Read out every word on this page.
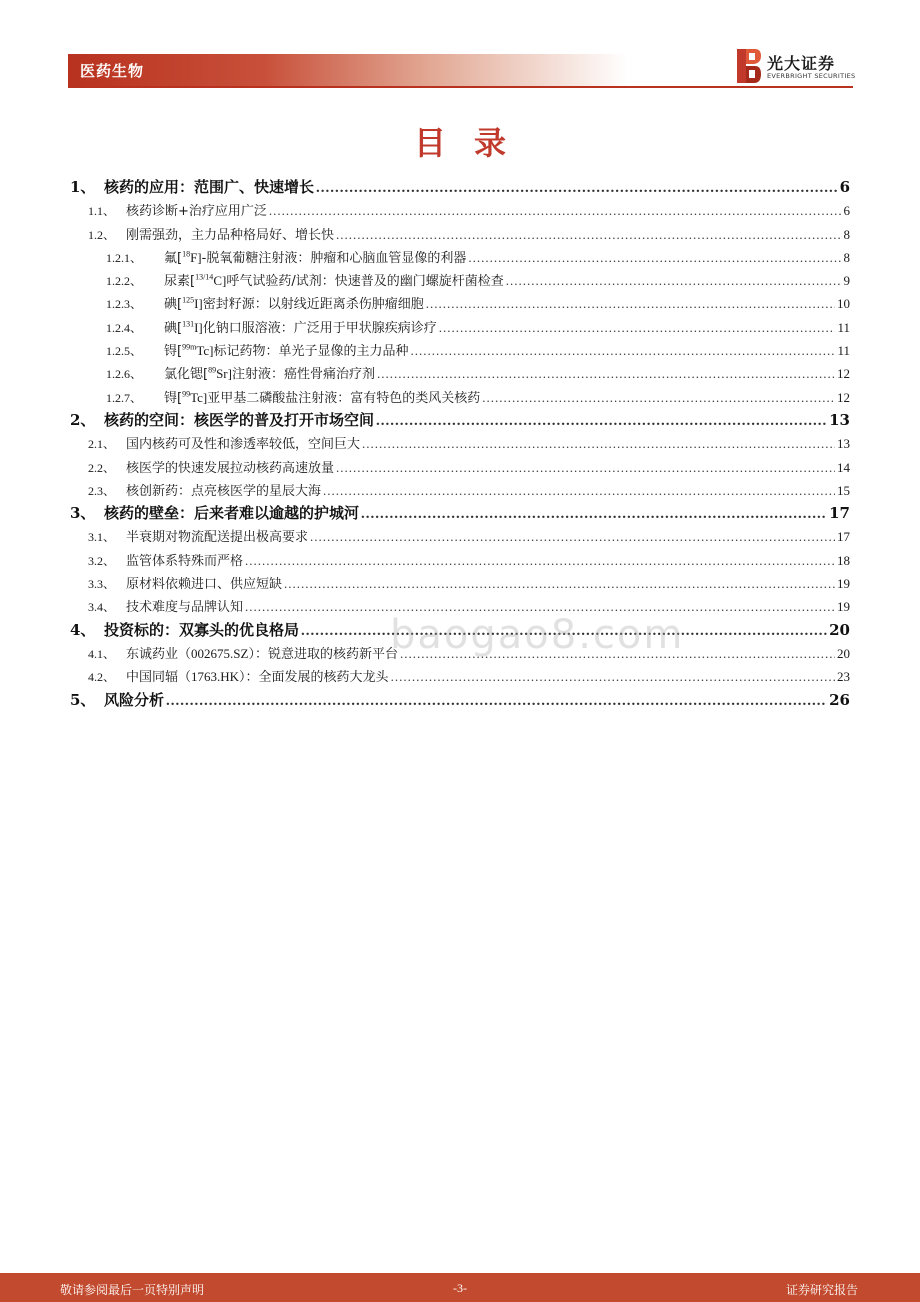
医药生物	光大证券
EVERBRIGHT SECURITIES
目录
1、 核药的应用：范围广、快速增长 .....	6
1.1、 核药诊断+治疗应用广泛 .....	6
1.2、 刚需强劲，主力品种格局好、增长快 .....	8
1.2.1、	氟[$^{18}$F]-脱氧葡糖注射液：肿瘤和心脑血管显像的利器 .....	8
1.2.2、	尿素[$^{13/14}$C]呼气试验药/试剂：快速普及的幽门螺旋杆菌检查 .....	9
1.2.3、	碘[$^{125}$I]密封籽源：以射线近距离杀伤肿瘤细胞 .....	10
1.2.4、	碘[$^{131}$I]化钠口服溶液：广泛用于甲状腺疾病诊疗 .....	11
1.2.5、	锝[$^{99m}$Tc]标记药物：单光子显像的主力品种 .....	11
1.2.6、	氯化锶[$^{89}$Sr]注射液：癌性骨痛治疗剂 .....	12
1.2.7、	锝[$^{99}$Tc]亚甲基二磷酸盐注射液：富有特色的类风关核药 .....	12
2、 核药的空间：核医学的普及打开市场空间 .....	13
2.1、 国内核药可及性和渗透率较低，空间巨大 .....	13
2.2、 核医学的快速发展拉动核药高速放量 .....	14
2.3、 核创新药：点亮核医学的星辰大海 .....	15
3、 核药的壁垒：后来者难以逾越的护城河 .....	17
3.1、 半衰期对物流配送提出极高要求 .....	17
3.2、 监管体系特殊而严格 .....	18
3.3、 原材料依赖进口、供应短缺 .....	19
3.4、 技术难度与品牌认知 .....	19
4、 投资标的：双寡头的优良格局 .....	20
4.1、 东诚药业（002675.SZ）：锐意进取的核药新平台 .....	20
4.2、 中国同辐（1763.HK）：全面发展的核药大龙头 .....	23
5、 风险分析 .....	26
baogao8.com
敬请参阅最后一页特别声明	-3-	证券研究报告
